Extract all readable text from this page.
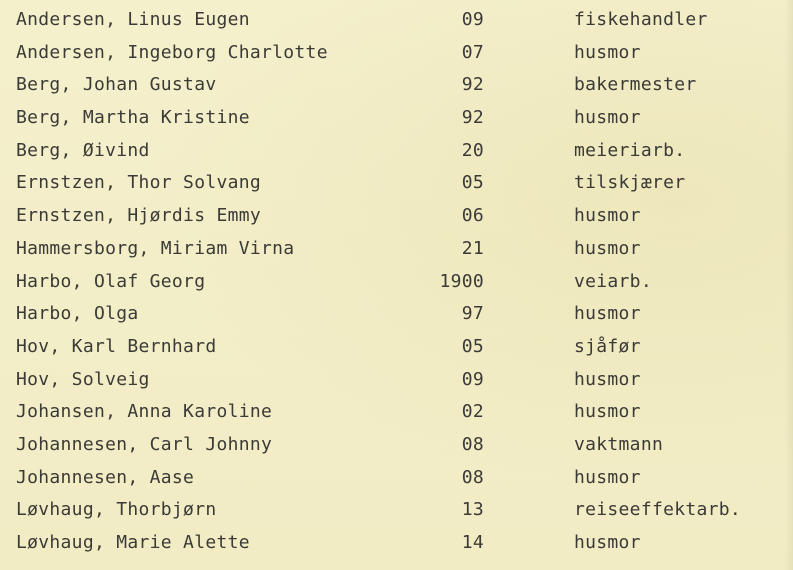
Andersen, Linus Eugen	09	fiskehandler
Andersen, Ingeborg Charlotte	07	husmor
Berg, Johan Gustav	92	bakermester
Berg, Martha Kristine	92	husmor
Berg, Øivind	20	meieriarb.
Ernstzen, Thor Solvang	05	tilskjærer
Ernstzen, Hjørdis Emmy	06	husmor
Hammersborg, Miriam Virna	21	husmor
Harbo, Olaf Georg	1900	veiarb.
Harbo, Olga	97	husmor
Hov, Karl Bernhard	05	sjåfør
Hov, Solveig	09	husmor
Johansen, Anna Karoline	02	husmor
Johannesen, Carl Johnny	08	vaktmann
Johannesen, Aase	08	husmor
Løvhaug, Thorbjørn	13	reiseeffektarb.
Løvhaug, Marie Alette	14	husmor
